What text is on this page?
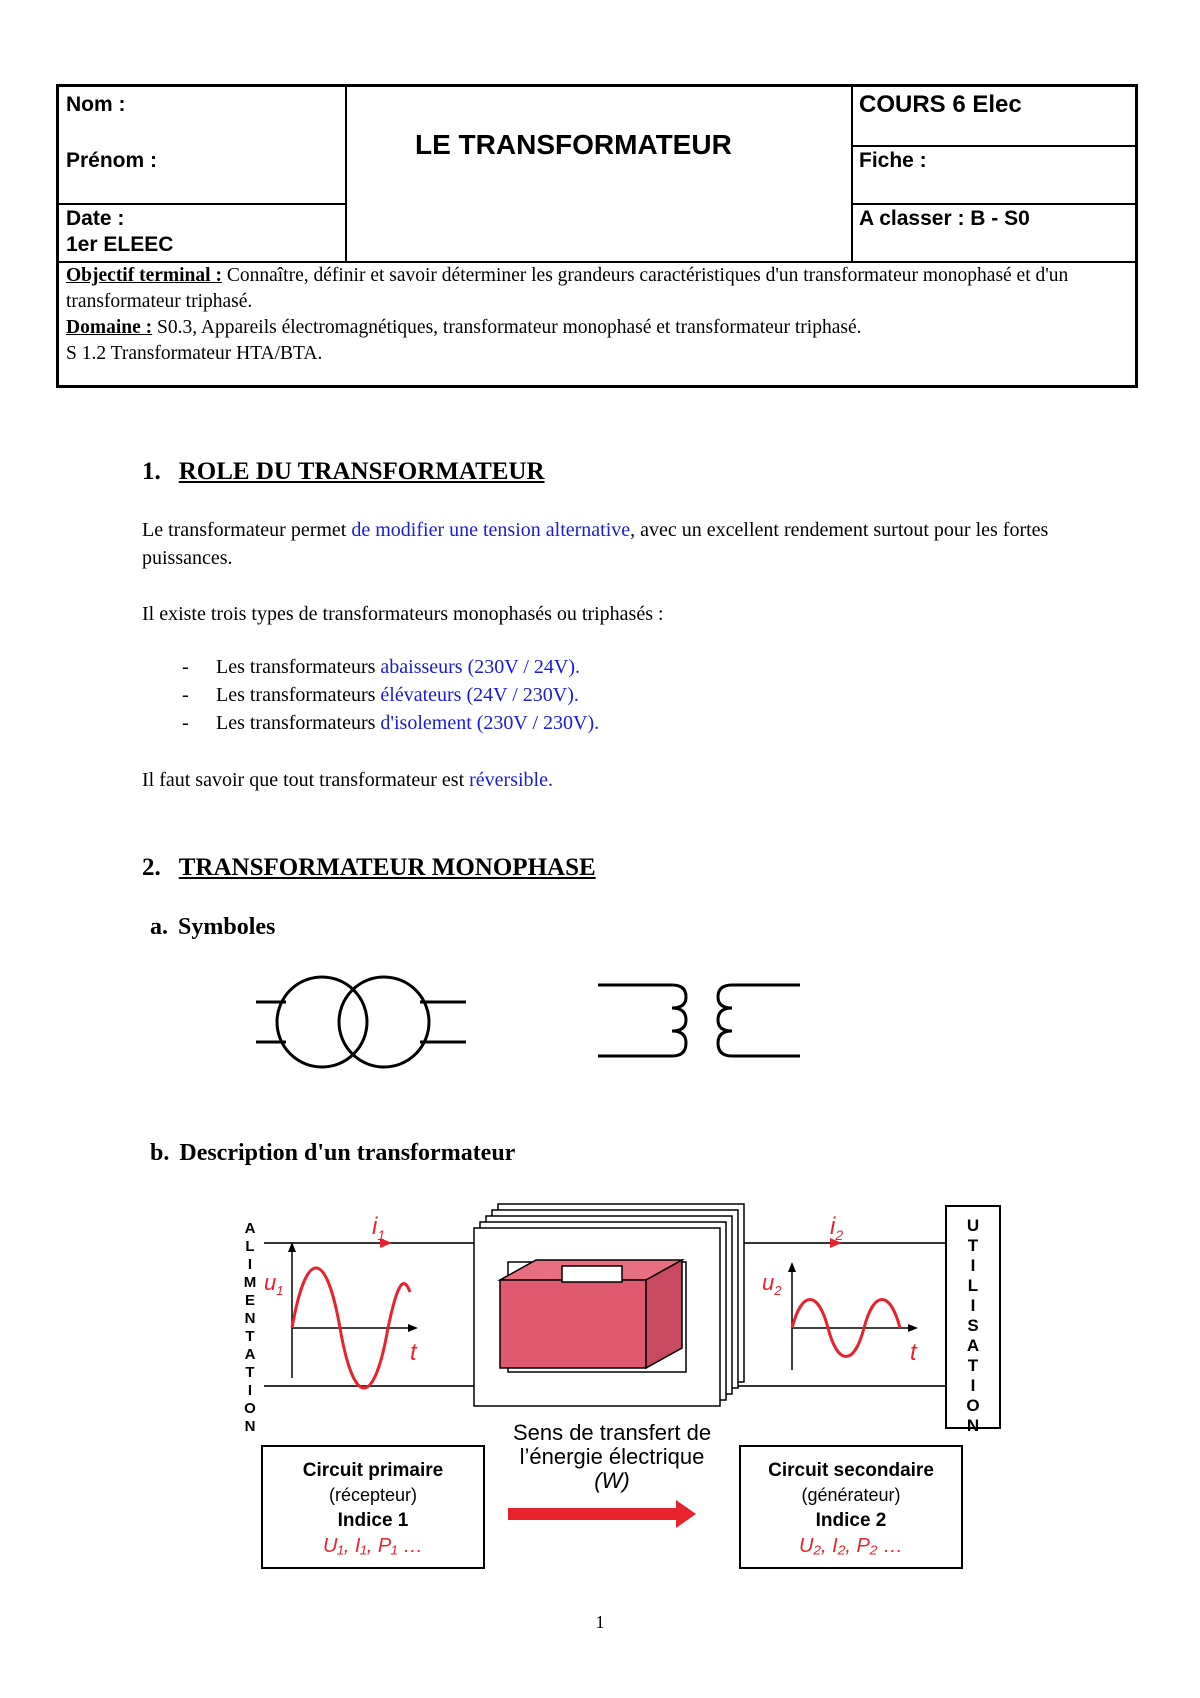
Nom :
Prénom :
Date :
1er ELEEC
LE TRANSFORMATEUR
COURS 6 Elec
Fiche :
A classer : B - S0
Objectif terminal : Connaître, définir et savoir déterminer les grandeurs caractéristiques d'un transformateur monophasé et d'un transformateur triphasé.
Domaine : S0.3, Appareils électromagnétiques, transformateur monophasé et transformateur triphasé.
S 1.2 Transformateur HTA/BTA.
1. ROLE DU TRANSFORMATEUR
Le transformateur permet de modifier une tension alternative, avec un excellent rendement surtout pour les fortes puissances.
Il existe trois types de transformateurs monophasés ou triphasés :
- Les transformateurs abaisseurs (230V / 24V).
- Les transformateurs élévateurs (24V / 230V).
- Les transformateurs d'isolement (230V / 230V).
Il faut savoir que tout transformateur est réversible.
2. TRANSFORMATEUR MONOPHASE
a. Symboles
b. Description d'un transformateur
ALIMENTATION	$i_1$	$i_2$
$u_1$	$u_2$
t	t	UTILISATION
Circuit primaire
(récepteur)
Indice 1
U₁, I₁, P₁ …
Sens de transfert de
l’énergie électrique
(W)	Circuit secondaire
(générateur)
Indice 2
U₂, I₂, P₂ …
1
